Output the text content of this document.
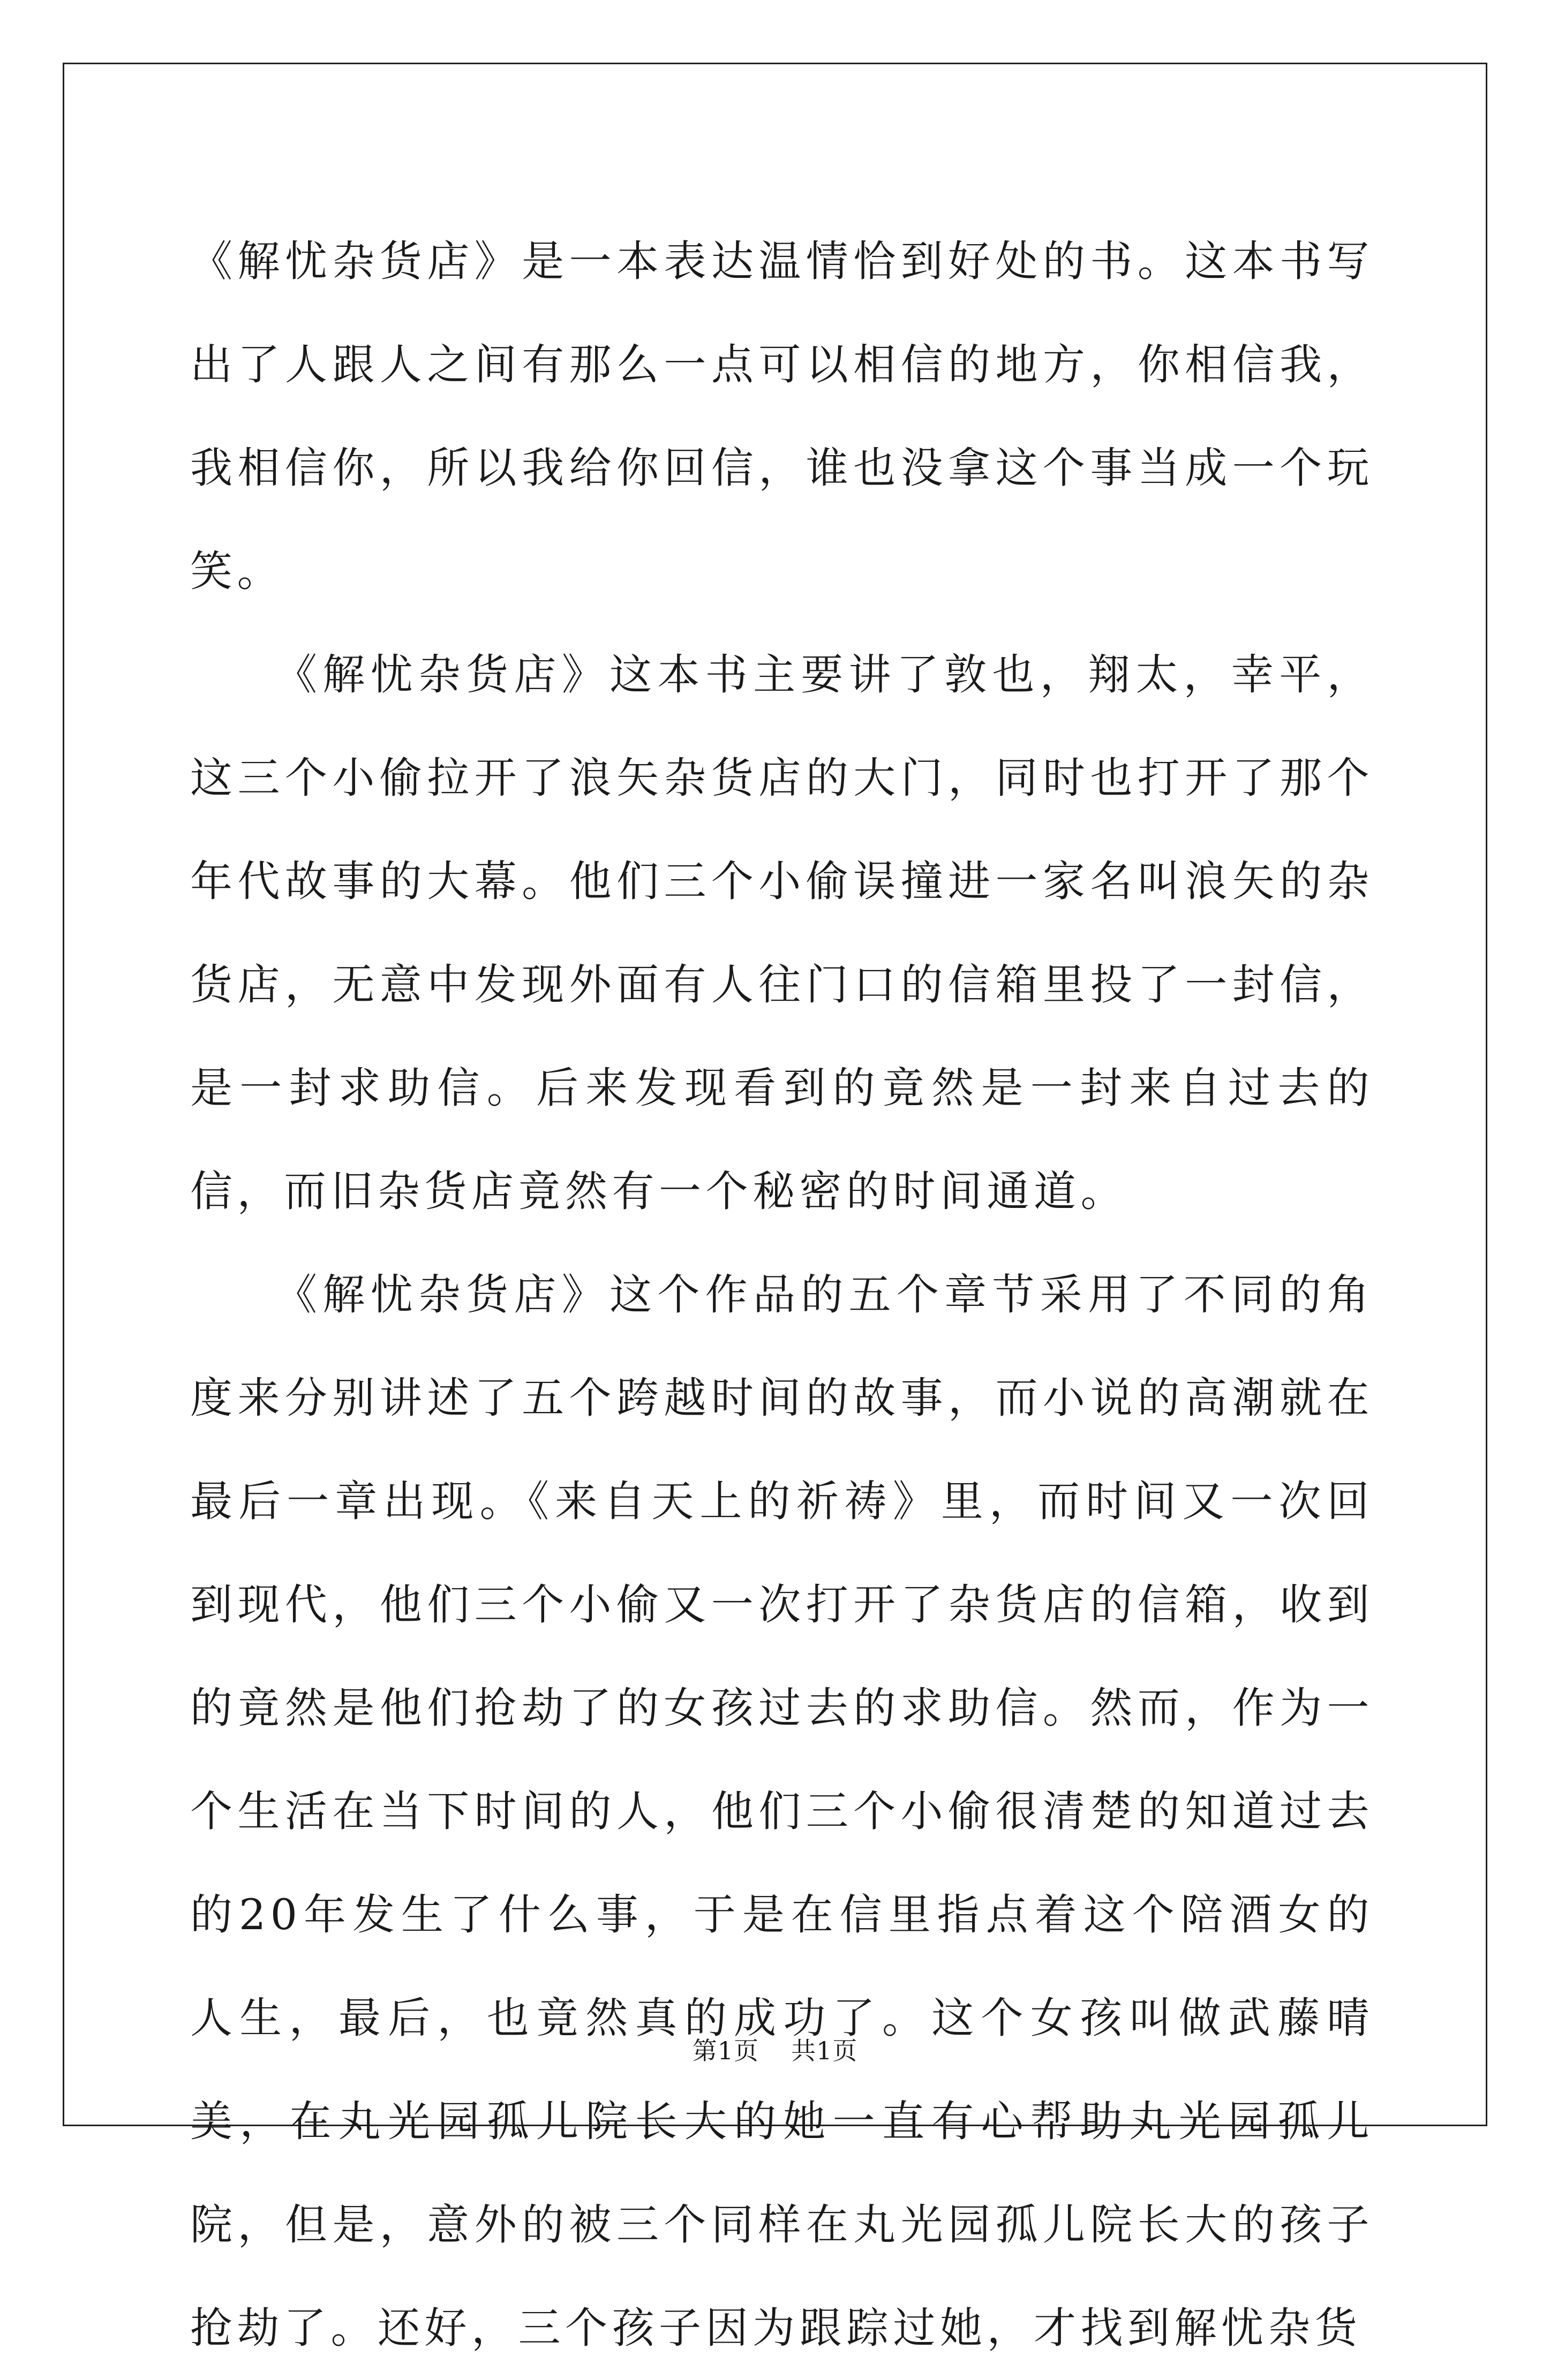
《解忧杂货店》是一本表达温情恰到好处的书。这本书写出了人跟人之间有那么一点可以相信的地方，你相信我，我相信你，所以我给你回信，谁也没拿这个事当成一个玩笑。

《解忧杂货店》这本书主要讲了敦也，翔太，幸平，这三个小偷拉开了浪矢杂货店的大门，同时也打开了那个年代故事的大幕。他们三个小偷误撞进一家名叫浪矢的杂货店，无意中发现外面有人往门口的信箱里投了一封信，是一封求助信。后来发现看到的竟然是一封来自过去的信，而旧杂货店竟然有一个秘密的时间通道。

《解忧杂货店》这个作品的五个章节采用了不同的角度来分别讲述了五个跨越时间的故事，而小说的高潮就在最后一章出现。《来自天上的祈祷》里，而时间又一次回到现代，他们三个小偷又一次打开了杂货店的信箱，收到的竟然是他们抢劫了的女孩过去的求助信。然而，作为一个生活在当下时间的人，他们三个小偷很清楚的知道过去的20年发生了什么事，于是在信里指点着这个陪酒女的人生，最后，也竟然真的成功了。这个女孩叫做武藤晴美，在丸光园孤儿院长大的她一直有心帮助丸光园孤儿院，但是，意外的被三个同样在丸光园孤儿院长大的孩子抢劫了。还好，三个孩子因为跟踪过她，才找到解忧杂货

第1页 共1页
